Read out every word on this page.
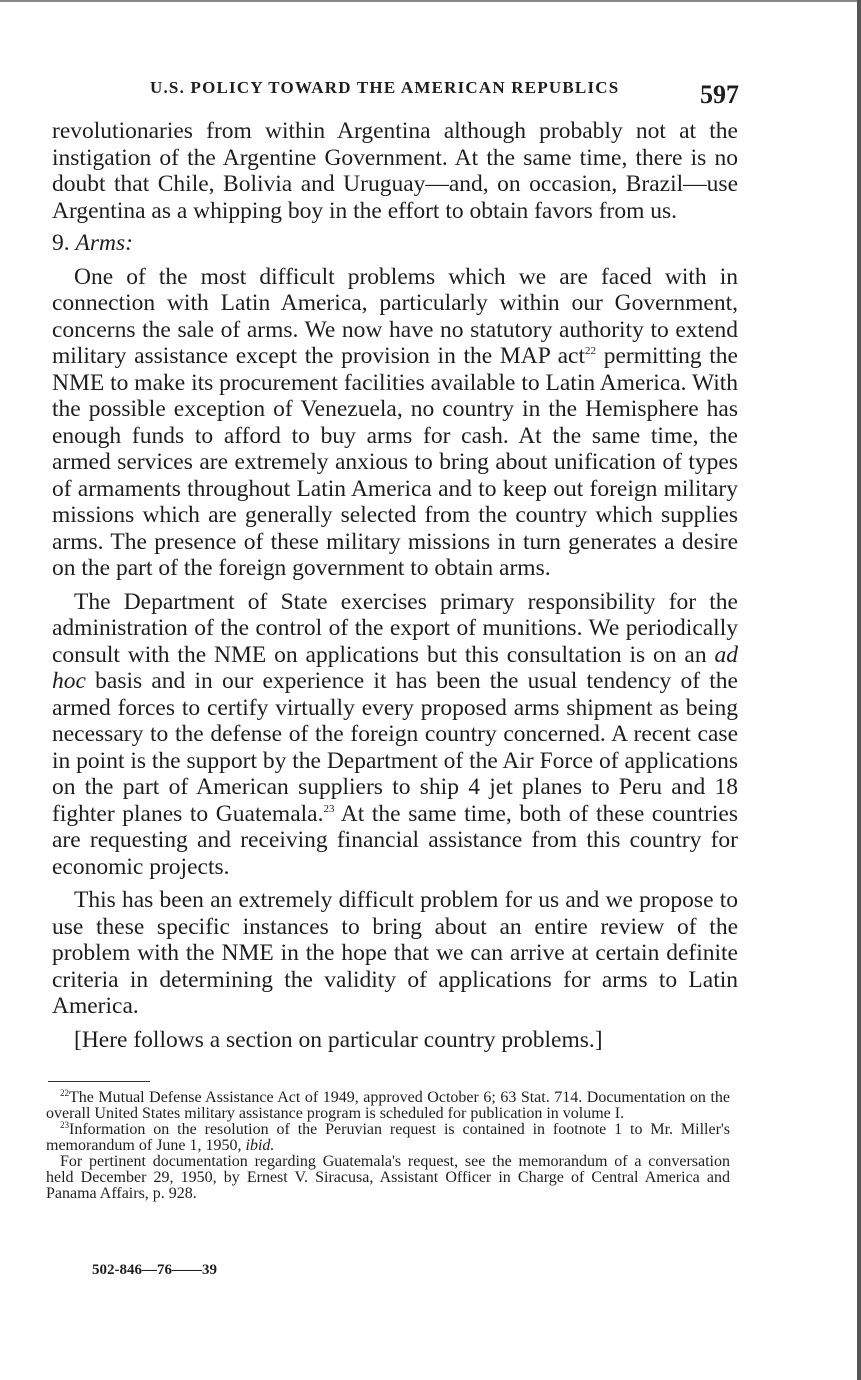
U.S. POLICY TOWARD THE AMERICAN REPUBLICS	597

revolutionaries from within Argentina although probably not at the instigation of the Argentine Government. At the same time, there is no doubt that Chile, Bolivia and Uruguay—and, on occasion, Brazil—use Argentina as a whipping boy in the effort to obtain favors from us.

9. Arms:

One of the most difficult problems which we are faced with in connection with Latin America, particularly within our Government, concerns the sale of arms. We now have no statutory authority to extend military assistance except the provision in the MAP act$^{22}$ permitting the NME to make its procurement facilities available to Latin America. With the possible exception of Venezuela, no country in the Hemisphere has enough funds to afford to buy arms for cash. At the same time, the armed services are extremely anxious to bring about unification of types of armaments throughout Latin America and to keep out foreign military missions which are generally selected from the country which supplies arms. The presence of these military missions in turn generates a desire on the part of the foreign government to obtain arms.

The Department of State exercises primary responsibility for the administration of the control of the export of munitions. We periodically consult with the NME on applications but this consultation is on an ad hoc basis and in our experience it has been the usual tendency of the armed forces to certify virtually every proposed arms shipment as being necessary to the defense of the foreign country concerned. A recent case in point is the support by the Department of the Air Force of applications on the part of American suppliers to ship 4 jet planes to Peru and 18 fighter planes to Guatemala.$^{23}$ At the same time, both of these countries are requesting and receiving financial assistance from this country for economic projects.

This has been an extremely difficult problem for us and we propose to use these specific instances to bring about an entire review of the problem with the NME in the hope that we can arrive at certain definite criteria in determining the validity of applications for arms to Latin America.

[Here follows a section on particular country problems.]

$^{22}$The Mutual Defense Assistance Act of 1949, approved October 6; 63 Stat. 714. Documentation on the overall United States military assistance program is scheduled for publication in volume I.

$^{23}$Information on the resolution of the Peruvian request is contained in footnote 1 to Mr. Miller's memorandum of June 1, 1950, ibid.

For pertinent documentation regarding Guatemala's request, see the memorandum of a conversation held December 29, 1950, by Ernest V. Siracusa, Assistant Officer in Charge of Central America and Panama Affairs, p. 928.

502-846—76——39
